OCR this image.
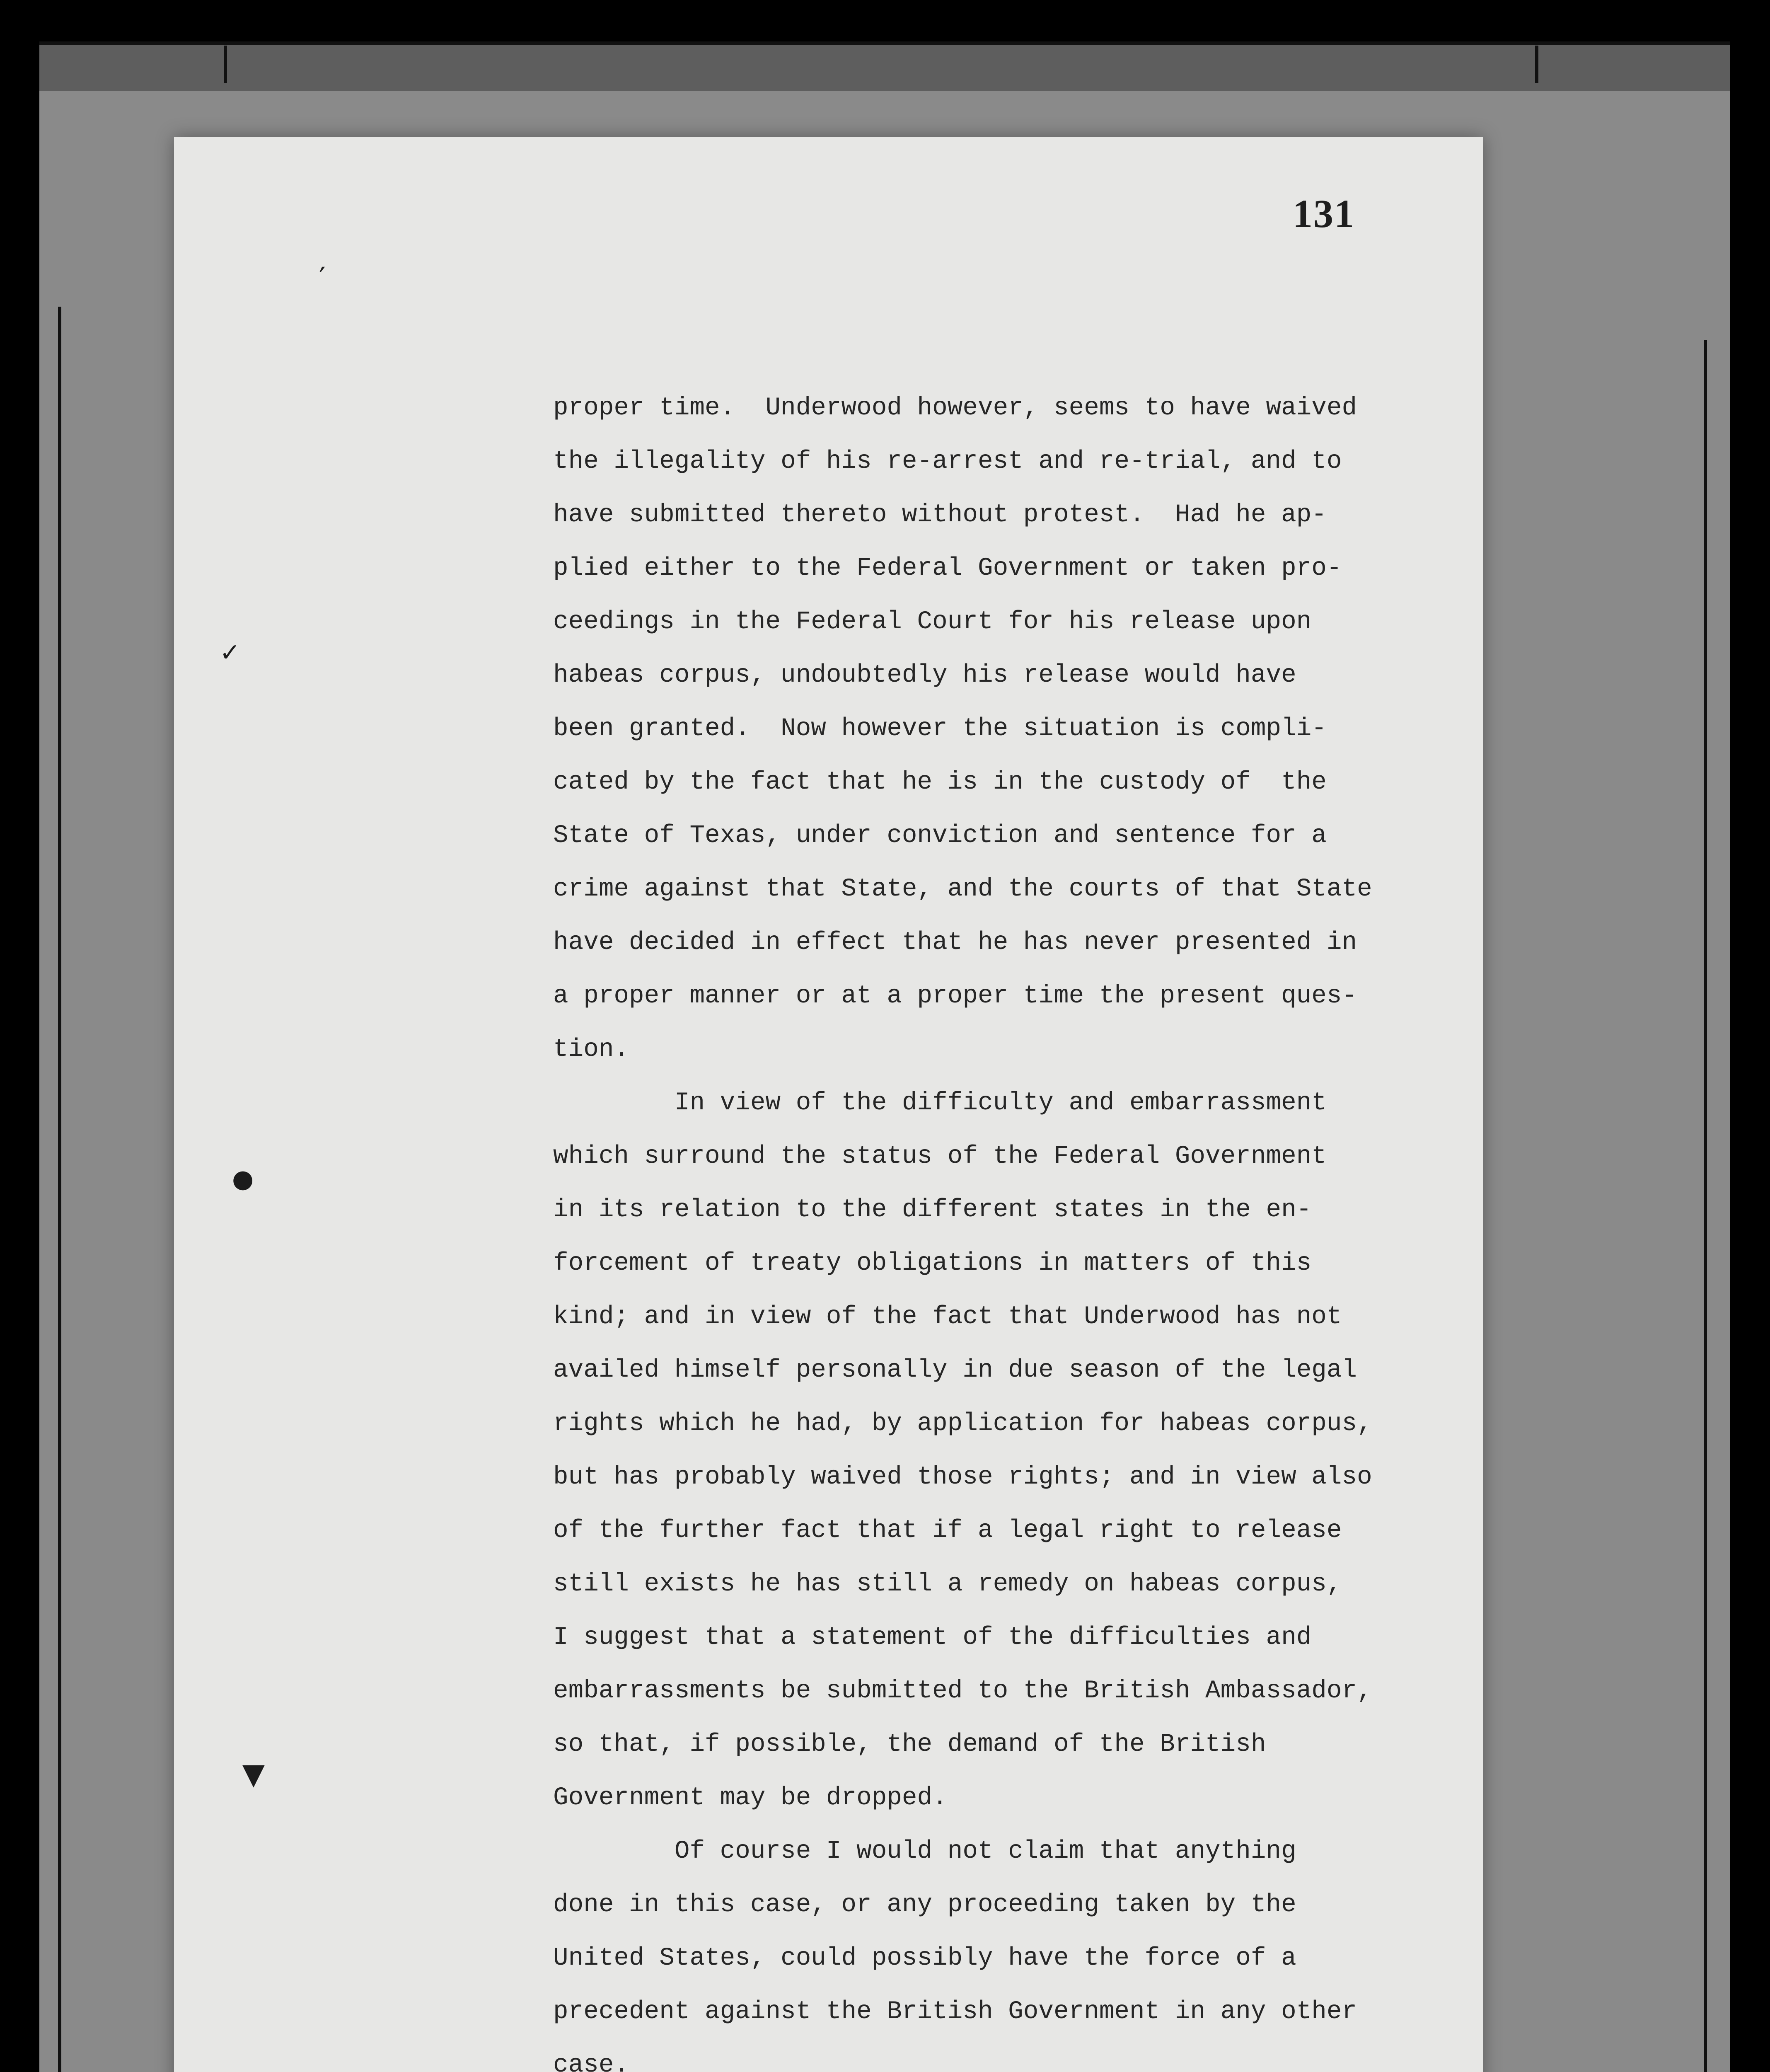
131
′
✓
●
▼
proper time.  Underwood however, seems to have waived
the illegality of his re-arrest and re-trial, and to
have submitted thereto without protest.  Had he ap-
plied either to the Federal Government or taken pro-
ceedings in the Federal Court for his release upon
habeas corpus, undoubtedly his release would have
been granted.  Now however the situation is compli-
cated by the fact that he is in the custody of  the
State of Texas, under conviction and sentence for a
crime against that State, and the courts of that State
have decided in effect that he has never presented in
a proper manner or at a proper time the present ques-
tion.
In view of the difficulty and embarrassment
which surround the status of the Federal Government
in its relation to the different states in the en-
forcement of treaty obligations in matters of this
kind; and in view of the fact that Underwood has not
availed himself personally in due season of the legal
rights which he had, by application for habeas corpus,
but has probably waived those rights; and in view also
of the further fact that if a legal right to release
still exists he has still a remedy on habeas corpus,
I suggest that a statement of the difficulties and
embarrassments be submitted to the British Ambassador,
so that, if possible, the demand of the British
Government may be dropped.
Of course I would not claim that anything
done in this case, or any proceeding taken by the
United States, could possibly have the force of a
precedent against the British Government in any other
case.
